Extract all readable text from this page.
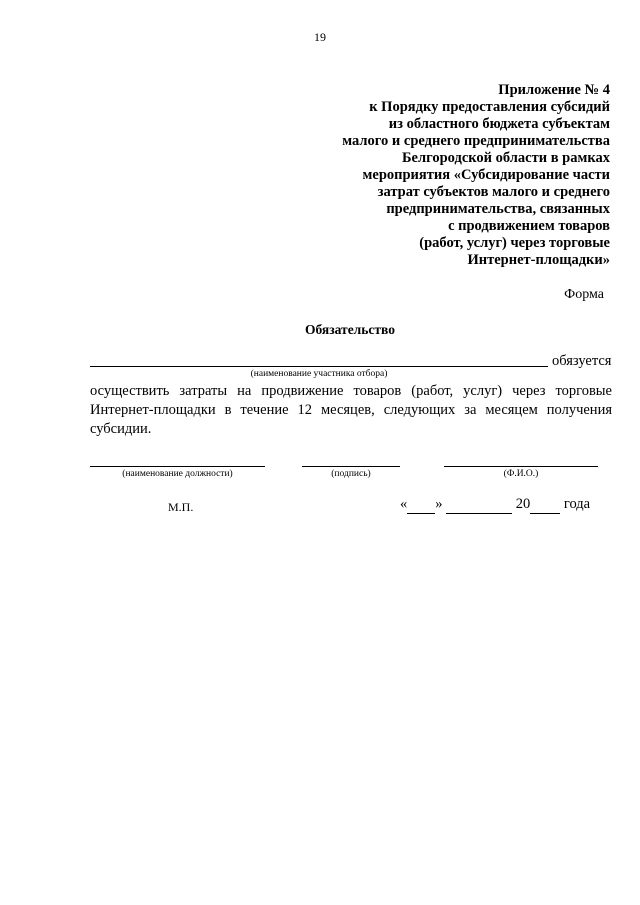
19
Приложение № 4
к Порядку предоставления субсидий
из областного бюджета субъектам
малого и среднего предпринимательства
Белгородской области в рамках
мероприятия «Субсидирование части
затрат субъектов малого и среднего
предпринимательства, связанных
с продвижением товаров
(работ, услуг) через торговые
Интернет-площадки»
Форма
Обязательство
обязуется
(наименование участника отбора)
осуществить затраты на продвижение товаров (работ, услуг) через торговые Интернет-площадки в течение 12 месяцев, следующих за месяцем получения субсидии.
(наименование должности)	(подпись)	(Ф.И.О.)
М.П.	« »	20 года
